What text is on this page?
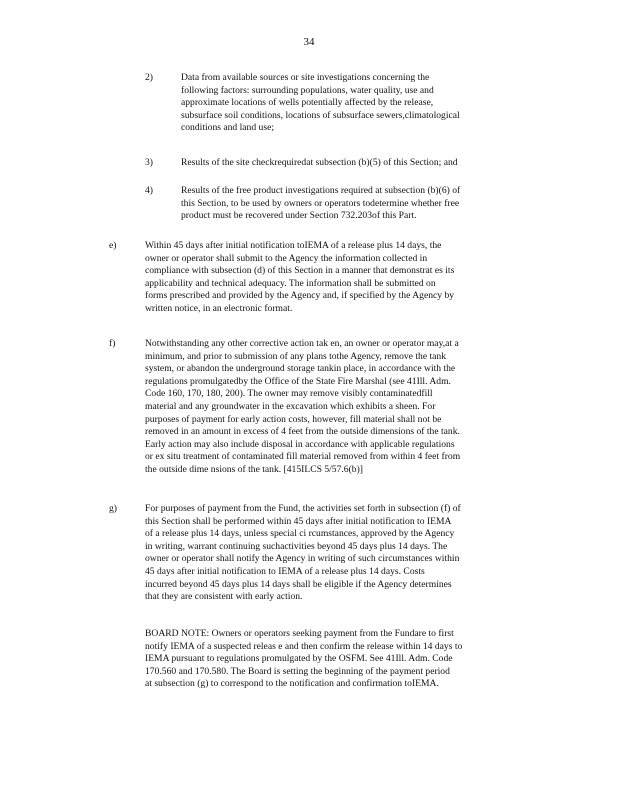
34
2)	Data from available sources or site investigations concerning the
following factors: surrounding populations, water quality, use and
approximate locations of wells potentially affected by the release,
subsurface soil conditions, locations of subsurface sewers,climatological
conditions and land use;
3)	Results of the site checkrequiredat subsection (b)(5) of this Section; and
4)	Results of the free product investigations required at subsection (b)(6) of
this Section, to be used by owners or operators todetermine whether free
product must be recovered under Section 732.203of this Part.
e)	Within 45 days after initial notification toIEMA of a release plus 14 days, the
owner or operator shall submit to the Agency the information collected in
compliance with subsection (d) of this Section in a manner that demonstrat es its
applicability and technical adequacy. The information shall be submitted on
forms prescribed and provided by the Agency and, if specified by the Agency by
written notice, in an electronic format.
f)	Notwithstanding any other corrective action tak en, an owner or operator may,at a
minimum, and prior to submission of any plans tothe Agency, remove the tank
system, or abandon the underground storage tankin place, in accordance with the
regulations promulgatedby the Office of the State Fire Marshal (see 41Ill. Adm.
Code 160, 170, 180, 200). The owner may remove visibly contaminatedfill
material and any groundwater in the excavation which exhibits a sheen. For
purposes of payment for early action costs, however, fill material shall not be
removed in an amount in excess of 4 feet from the outside dimensions of the tank.
Early action may also include disposal in accordance with applicable regulations
or ex situ treatment of contaminated fill material removed from within 4 feet from
the outside dime nsions of the tank. [415ILCS 5/57.6(b)]
g)	For purposes of payment from the Fund, the activities set forth in subsection (f) of
this Section shall be performed within 45 days after initial notification to IEMA
of a release plus 14 days, unless special ci rcumstances, approved by the Agency
in writing, warrant continuing suchactivities beyond 45 days plus 14 days. The
owner or operator shall notify the Agency in writing of such circumstances within
45 days after initial notification to IEMA of a release plus 14 days. Costs
incurred beyond 45 days plus 14 days shall be eligible if the Agency determines
that they are consistent with early action.
BOARD NOTE: Owners or operators seeking payment from the Fundare to first
notify IEMA of a suspected releas e and then confirm the release within 14 days to
IEMA pursuant to regulations promulgated by the OSFM. See 41Ill. Adm. Code
170.560 and 170.580. The Board is setting the beginning of the payment period
at subsection (g) to correspond to the notification and confirmation toIEMA.
